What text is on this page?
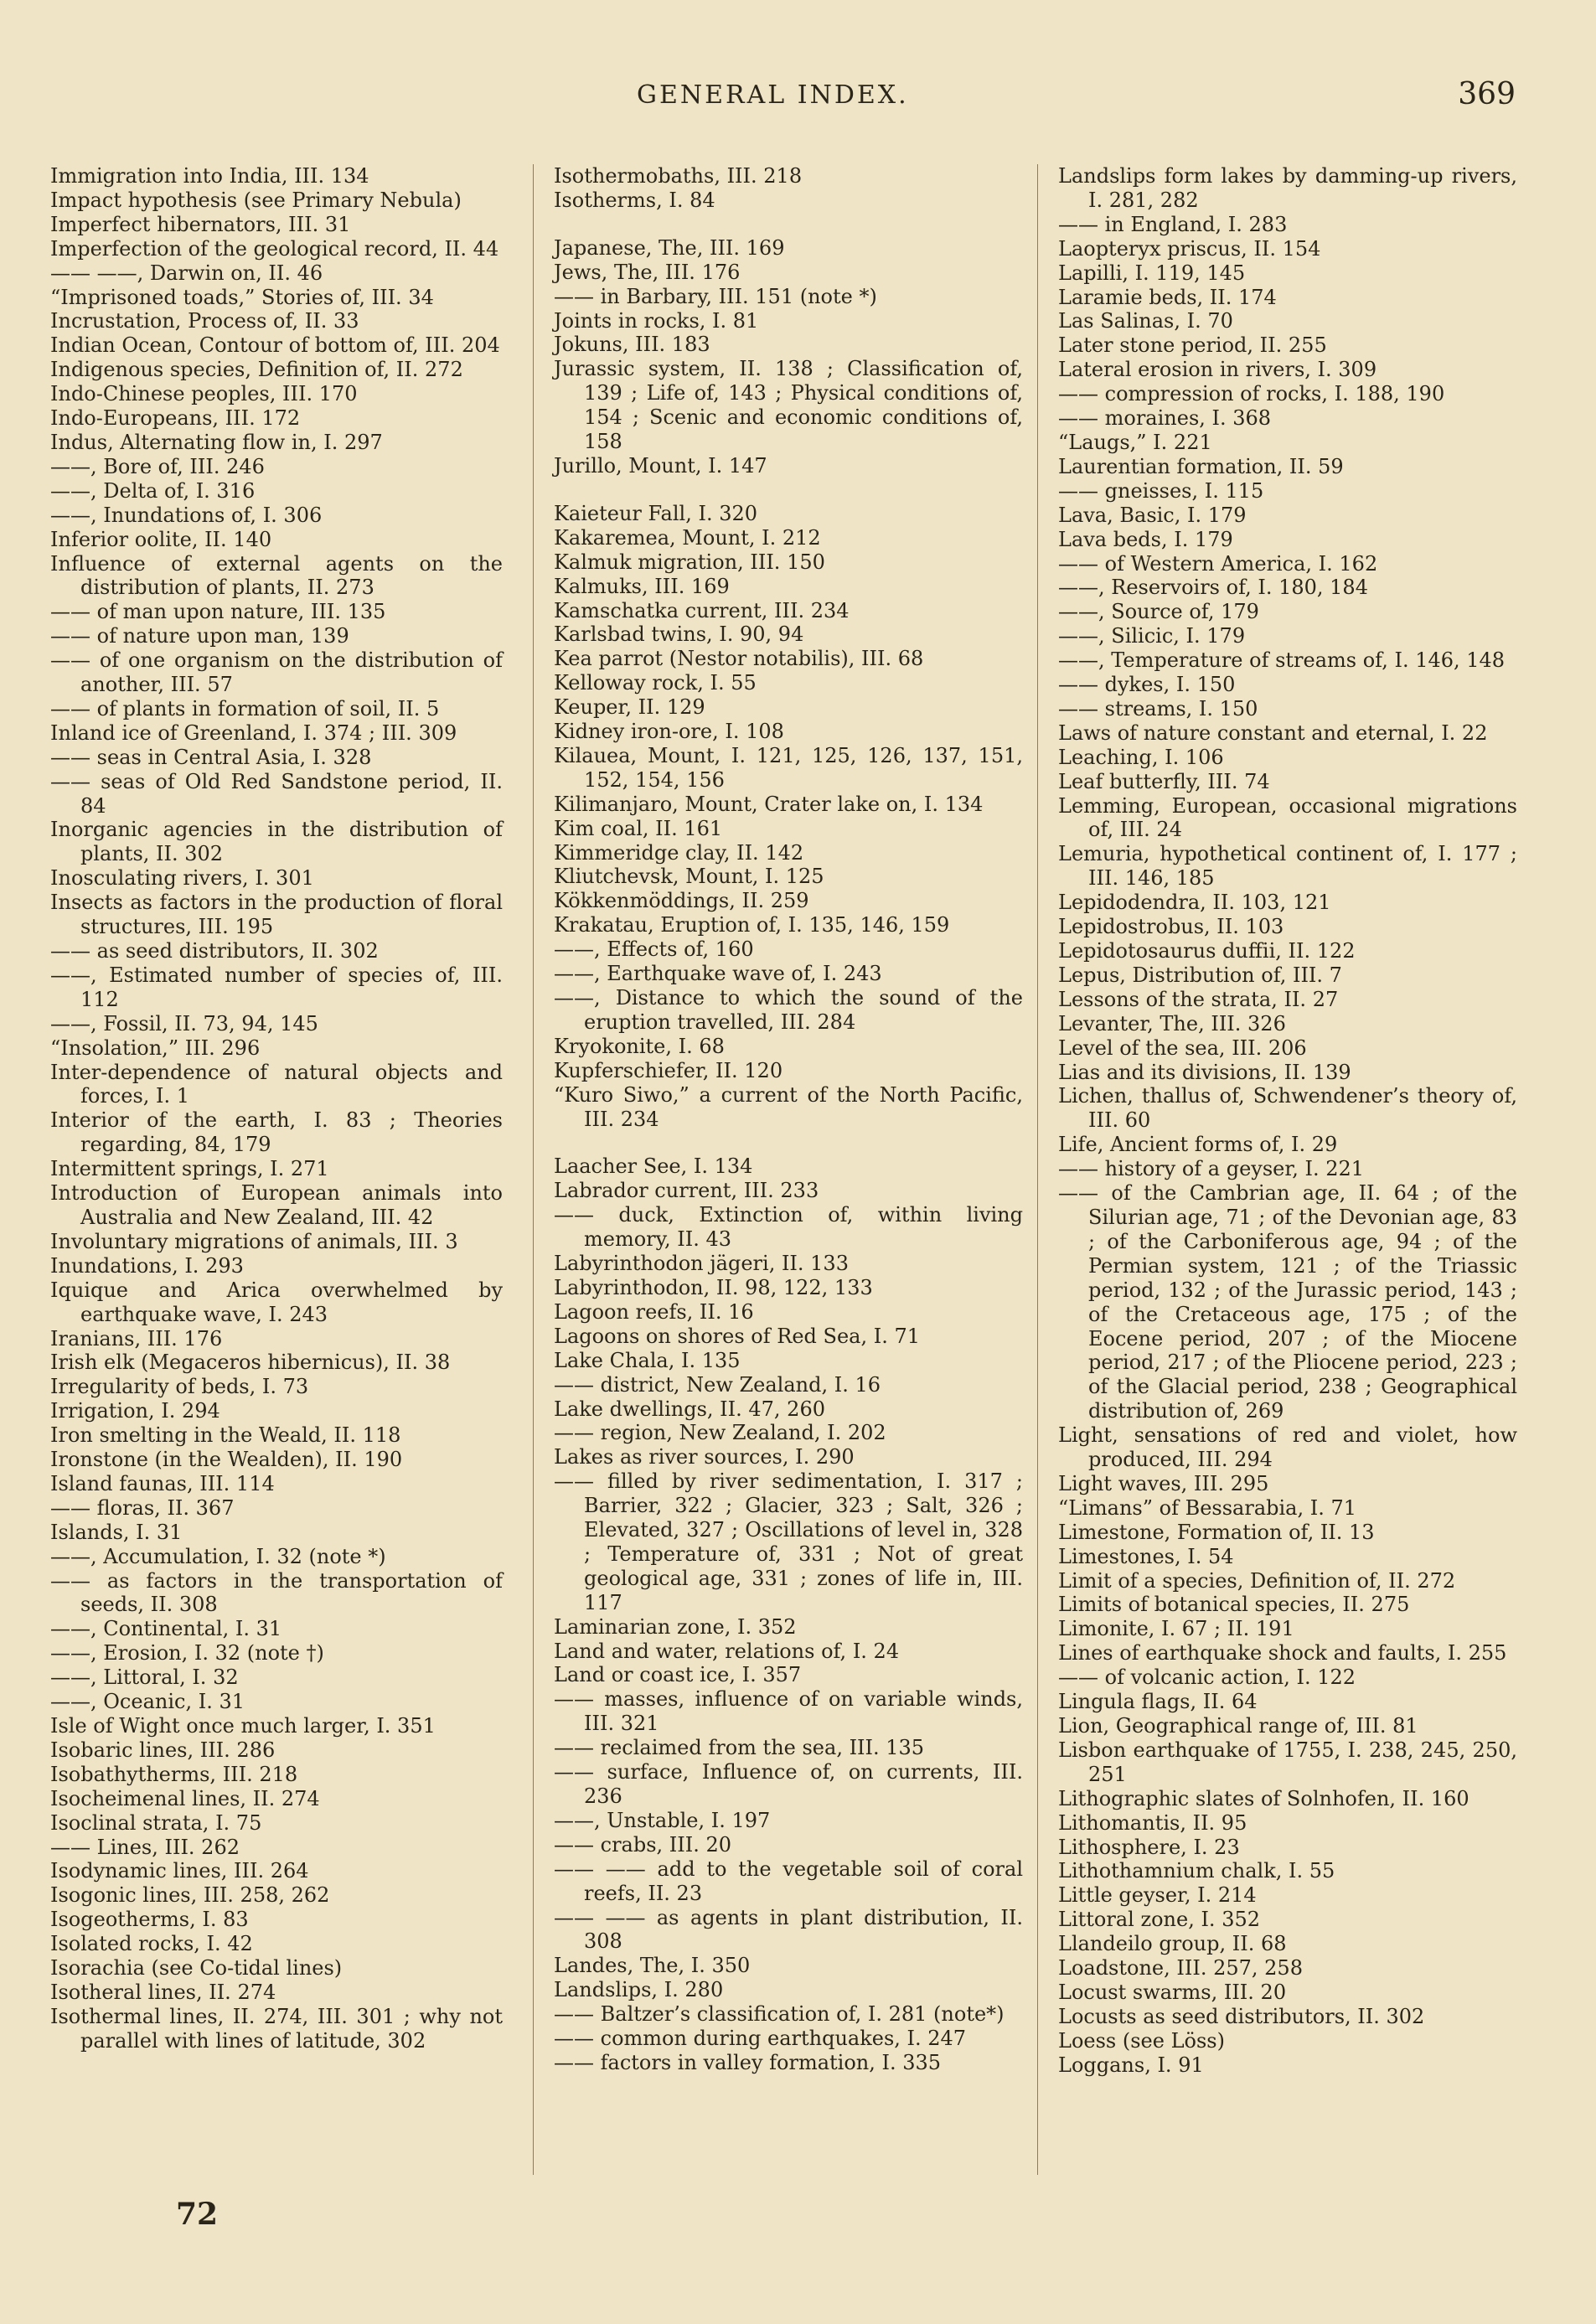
GENERAL INDEX.	369
Immigration into India, III. 134
Impact hypothesis (see Primary Nebula)
Imperfect hibernators, III. 31
Imperfection of the geological record, II. 44
—— ——, Darwin on, II. 46
“Imprisoned toads,” Stories of, III. 34
Incrustation, Process of, II. 33
Indian Ocean, Contour of bottom of, III. 204
Indigenous species, Definition of, II. 272
Indo-Chinese peoples, III. 170
Indo-Europeans, III. 172
Indus, Alternating flow in, I. 297
——, Bore of, III. 246
——, Delta of, I. 316
——, Inundations of, I. 306
Inferior oolite, II. 140
Influence of external agents on the distribution of plants, II. 273
—— of man upon nature, III. 135
—— of nature upon man, 139
—— of one organism on the distribution of another, III. 57
—— of plants in formation of soil, II. 5
Inland ice of Greenland, I. 374 ; III. 309
—— seas in Central Asia, I. 328
—— seas of Old Red Sandstone period, II. 84
Inorganic agencies in the distribution of plants, II. 302
Inosculating rivers, I. 301
Insects as factors in the production of floral structures, III. 195
—— as seed distributors, II. 302
——, Estimated number of species of, III. 112
——, Fossil, II. 73, 94, 145
“Insolation,” III. 296
Inter-dependence of natural objects and forces, I. 1
Interior of the earth, I. 83 ; Theories regarding, 84, 179
Intermittent springs, I. 271
Introduction of European animals into Australia and New Zealand, III. 42
Involuntary migrations of animals, III. 3
Inundations, I. 293
Iquique and Arica overwhelmed by earthquake wave, I. 243
Iranians, III. 176
Irish elk (Megaceros hibernicus), II. 38
Irregularity of beds, I. 73
Irrigation, I. 294
Iron smelting in the Weald, II. 118
Ironstone (in the Wealden), II. 190
Island faunas, III. 114
—— floras, II. 367
Islands, I. 31
——, Accumulation, I. 32 (note *)
—— as factors in the transportation of seeds, II. 308
——, Continental, I. 31
——, Erosion, I. 32 (note †)
——, Littoral, I. 32
——, Oceanic, I. 31
Isle of Wight once much larger, I. 351
Isobaric lines, III. 286
Isobathytherms, III. 218
Isocheimenal lines, II. 274
Isoclinal strata, I. 75
—— Lines, III. 262
Isodynamic lines, III. 264
Isogonic lines, III. 258, 262
Isogeotherms, I. 83
Isolated rocks, I. 42
Isorachia (see Co-tidal lines)
Isotheral lines, II. 274
Isothermal lines, II. 274, III. 301 ; why not parallel with lines of latitude, 302
Isothermobaths, III. 218
Isotherms, I. 84
Japanese, The, III. 169
Jews, The, III. 176
—— in Barbary, III. 151 (note *)
Joints in rocks, I. 81
Jokuns, III. 183
Jurassic system, II. 138 ; Classification of, 139 ; Life of, 143 ; Physical conditions of, 154 ; Scenic and economic conditions of, 158
Jurillo, Mount, I. 147
Kaieteur Fall, I. 320
Kakaremea, Mount, I. 212
Kalmuk migration, III. 150
Kalmuks, III. 169
Kamschatka current, III. 234
Karlsbad twins, I. 90, 94
Kea parrot (Nestor notabilis), III. 68
Kelloway rock, I. 55
Keuper, II. 129
Kidney iron-ore, I. 108
Kilauea, Mount, I. 121, 125, 126, 137, 151, 152, 154, 156
Kilimanjaro, Mount, Crater lake on, I. 134
Kim coal, II. 161
Kimmeridge clay, II. 142
Kliutchevsk, Mount, I. 125
Kökkenmöddings, II. 259
Krakatau, Eruption of, I. 135, 146, 159
——, Effects of, 160
——, Earthquake wave of, I. 243
——, Distance to which the sound of the eruption travelled, III. 284
Kryokonite, I. 68
Kupferschiefer, II. 120
“Kuro Siwo,” a current of the North Pacific, III. 234
Laacher See, I. 134
Labrador current, III. 233
—— duck, Extinction of, within living memory, II. 43
Labyrinthodon jägeri, II. 133
Labyrinthodon, II. 98, 122, 133
Lagoon reefs, II. 16
Lagoons on shores of Red Sea, I. 71
Lake Chala, I. 135
—— district, New Zealand, I. 16
Lake dwellings, II. 47, 260
—— region, New Zealand, I. 202
Lakes as river sources, I. 290
—— filled by river sedimentation, I. 317 ; Barrier, 322 ; Glacier, 323 ; Salt, 326 ; Elevated, 327 ; Oscillations of level in, 328 ; Temperature of, 331 ; Not of great geological age, 331 ; zones of life in, III. 117
Laminarian zone, I. 352
Land and water, relations of, I. 24
Land or coast ice, I. 357
—— masses, influence of on variable winds, III. 321
—— reclaimed from the sea, III. 135
—— surface, Influence of, on currents, III. 236
——, Unstable, I. 197
—— crabs, III. 20
—— —— add to the vegetable soil of coral reefs, II. 23
—— —— as agents in plant distribution, II. 308
Landes, The, I. 350
Landslips, I. 280
—— Baltzer’s classification of, I. 281 (note*)
—— common during earthquakes, I. 247
—— factors in valley formation, I. 335
Landslips form lakes by damming-up rivers, I. 281, 282
—— in England, I. 283
Laopteryx priscus, II. 154
Lapilli, I. 119, 145
Laramie beds, II. 174
Las Salinas, I. 70
Later stone period, II. 255
Lateral erosion in rivers, I. 309
—— compression of rocks, I. 188, 190
—— moraines, I. 368
“Laugs,” I. 221
Laurentian formation, II. 59
—— gneisses, I. 115
Lava, Basic, I. 179
Lava beds, I. 179
—— of Western America, I. 162
——, Reservoirs of, I. 180, 184
——, Source of, 179
——, Silicic, I. 179
——, Temperature of streams of, I. 146, 148
—— dykes, I. 150
—— streams, I. 150
Laws of nature constant and eternal, I. 22
Leaching, I. 106
Leaf butterfly, III. 74
Lemming, European, occasional migrations of, III. 24
Lemuria, hypothetical continent of, I. 177 ; III. 146, 185
Lepidodendra, II. 103, 121
Lepidostrobus, II. 103
Lepidotosaurus duffii, II. 122
Lepus, Distribution of, III. 7
Lessons of the strata, II. 27
Levanter, The, III. 326
Level of the sea, III. 206
Lias and its divisions, II. 139
Lichen, thallus of, Schwendener’s theory of, III. 60
Life, Ancient forms of, I. 29
—— history of a geyser, I. 221
—— of the Cambrian age, II. 64 ; of the Silurian age, 71 ; of the Devonian age, 83 ; of the Carboniferous age, 94 ; of the Permian system, 121 ; of the Triassic period, 132 ; of the Jurassic period, 143 ; of the Cretaceous age, 175 ; of the Eocene period, 207 ; of the Miocene period, 217 ; of the Pliocene period, 223 ; of the Glacial period, 238 ; Geographical distribution of, 269
Light, sensations of red and violet, how produced, III. 294
Light waves, III. 295
“Limans” of Bessarabia, I. 71
Limestone, Formation of, II. 13
Limestones, I. 54
Limit of a species, Definition of, II. 272
Limits of botanical species, II. 275
Limonite, I. 67 ; II. 191
Lines of earthquake shock and faults, I. 255
—— of volcanic action, I. 122
Lingula flags, II. 64
Lion, Geographical range of, III. 81
Lisbon earthquake of 1755, I. 238, 245, 250, 251
Lithographic slates of Solnhofen, II. 160
Lithomantis, II. 95
Lithosphere, I. 23
Lithothamnium chalk, I. 55
Little geyser, I. 214
Littoral zone, I. 352
Llandeilo group, II. 68
Loadstone, III. 257, 258
Locust swarms, III. 20
Locusts as seed distributors, II. 302
Loess (see Löss)
Loggans, I. 91
72
